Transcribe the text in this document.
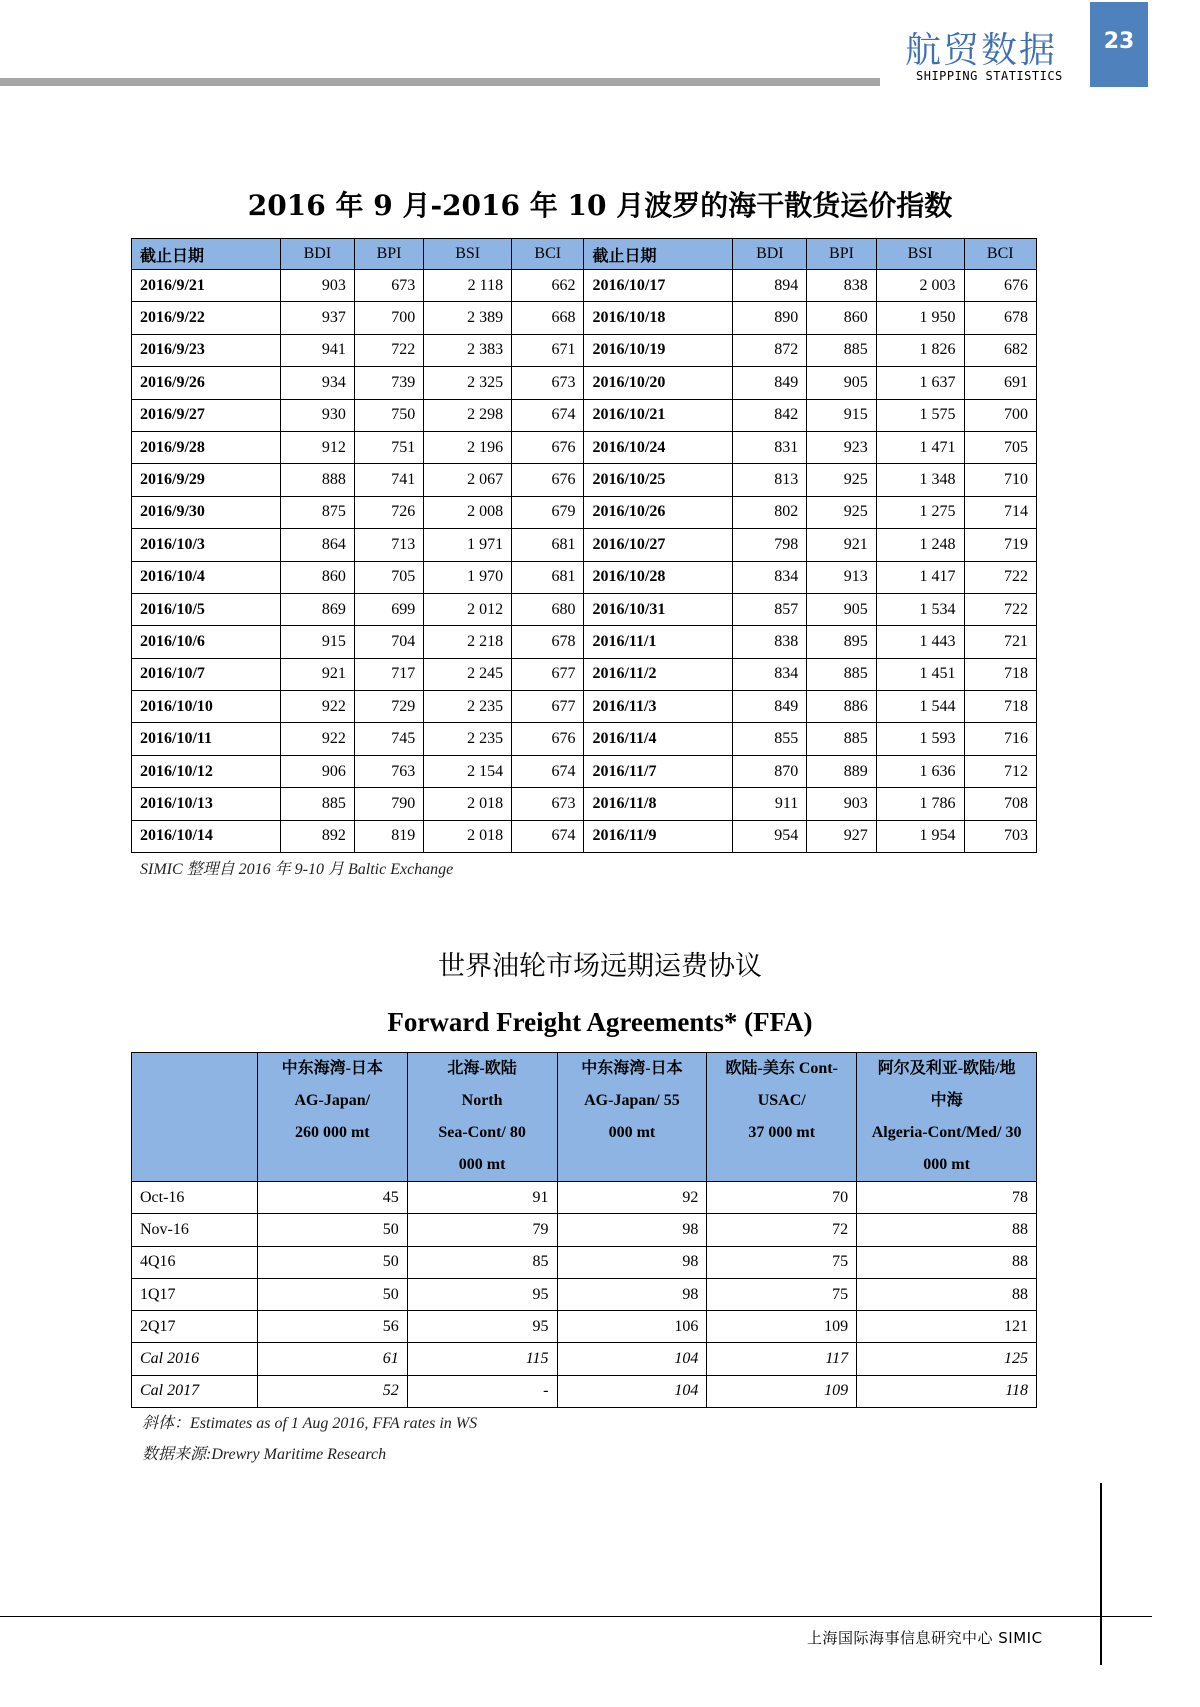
航贸数据
SHIPPING STATISTICS
23
2016 年 9 月-2016 年 10 月波罗的海干散货运价指数
截止日期	BDI	BPI	BSI	BCI	截止日期	BDI	BPI	BSI	BCI
2016/9/21	903	673	2 118	662	2016/10/17	894	838	2 003	676
2016/9/22	937	700	2 389	668	2016/10/18	890	860	1 950	678
2016/9/23	941	722	2 383	671	2016/10/19	872	885	1 826	682
2016/9/26	934	739	2 325	673	2016/10/20	849	905	1 637	691
2016/9/27	930	750	2 298	674	2016/10/21	842	915	1 575	700
2016/9/28	912	751	2 196	676	2016/10/24	831	923	1 471	705
2016/9/29	888	741	2 067	676	2016/10/25	813	925	1 348	710
2016/9/30	875	726	2 008	679	2016/10/26	802	925	1 275	714
2016/10/3	864	713	1 971	681	2016/10/27	798	921	1 248	719
2016/10/4	860	705	1 970	681	2016/10/28	834	913	1 417	722
2016/10/5	869	699	2 012	680	2016/10/31	857	905	1 534	722
2016/10/6	915	704	2 218	678	2016/11/1	838	895	1 443	721
2016/10/7	921	717	2 245	677	2016/11/2	834	885	1 451	718
2016/10/10	922	729	2 235	677	2016/11/3	849	886	1 544	718
2016/10/11	922	745	2 235	676	2016/11/4	855	885	1 593	716
2016/10/12	906	763	2 154	674	2016/11/7	870	889	1 636	712
2016/10/13	885	790	2 018	673	2016/11/8	911	903	1 786	708
2016/10/14	892	819	2 018	674	2016/11/9	954	927	1 954	703
SIMIC 整理自 2016 年 9-10 月 Baltic Exchange
世界油轮市场远期运费协议
Forward Freight Agreements* (FFA)
	中东海湾-日本
AG-Japan/
260 000 mt	北海-欧陆
North
Sea-Cont/ 80
000 mt	中东海湾-日本
AG-Japan/ 55
000 mt	欧陆-美东 Cont-
USAC/
37 000 mt	阿尔及利亚-欧陆/地
中海
Algeria-Cont/Med/ 30
000 mt
Oct-16	45	91	92	70	78
Nov-16	50	79	98	72	88
4Q16	50	85	98	75	88
1Q17	50	95	98	75	88
2Q17	56	95	106	109	121
Cal 2016	61	115	104	117	125
Cal 2017	52	-	104	109	118
斜体：Estimates as of 1 Aug 2016, FFA rates in WS
数据来源:Drewry Maritime Research
上海国际海事信息研究中心 SIMIC
